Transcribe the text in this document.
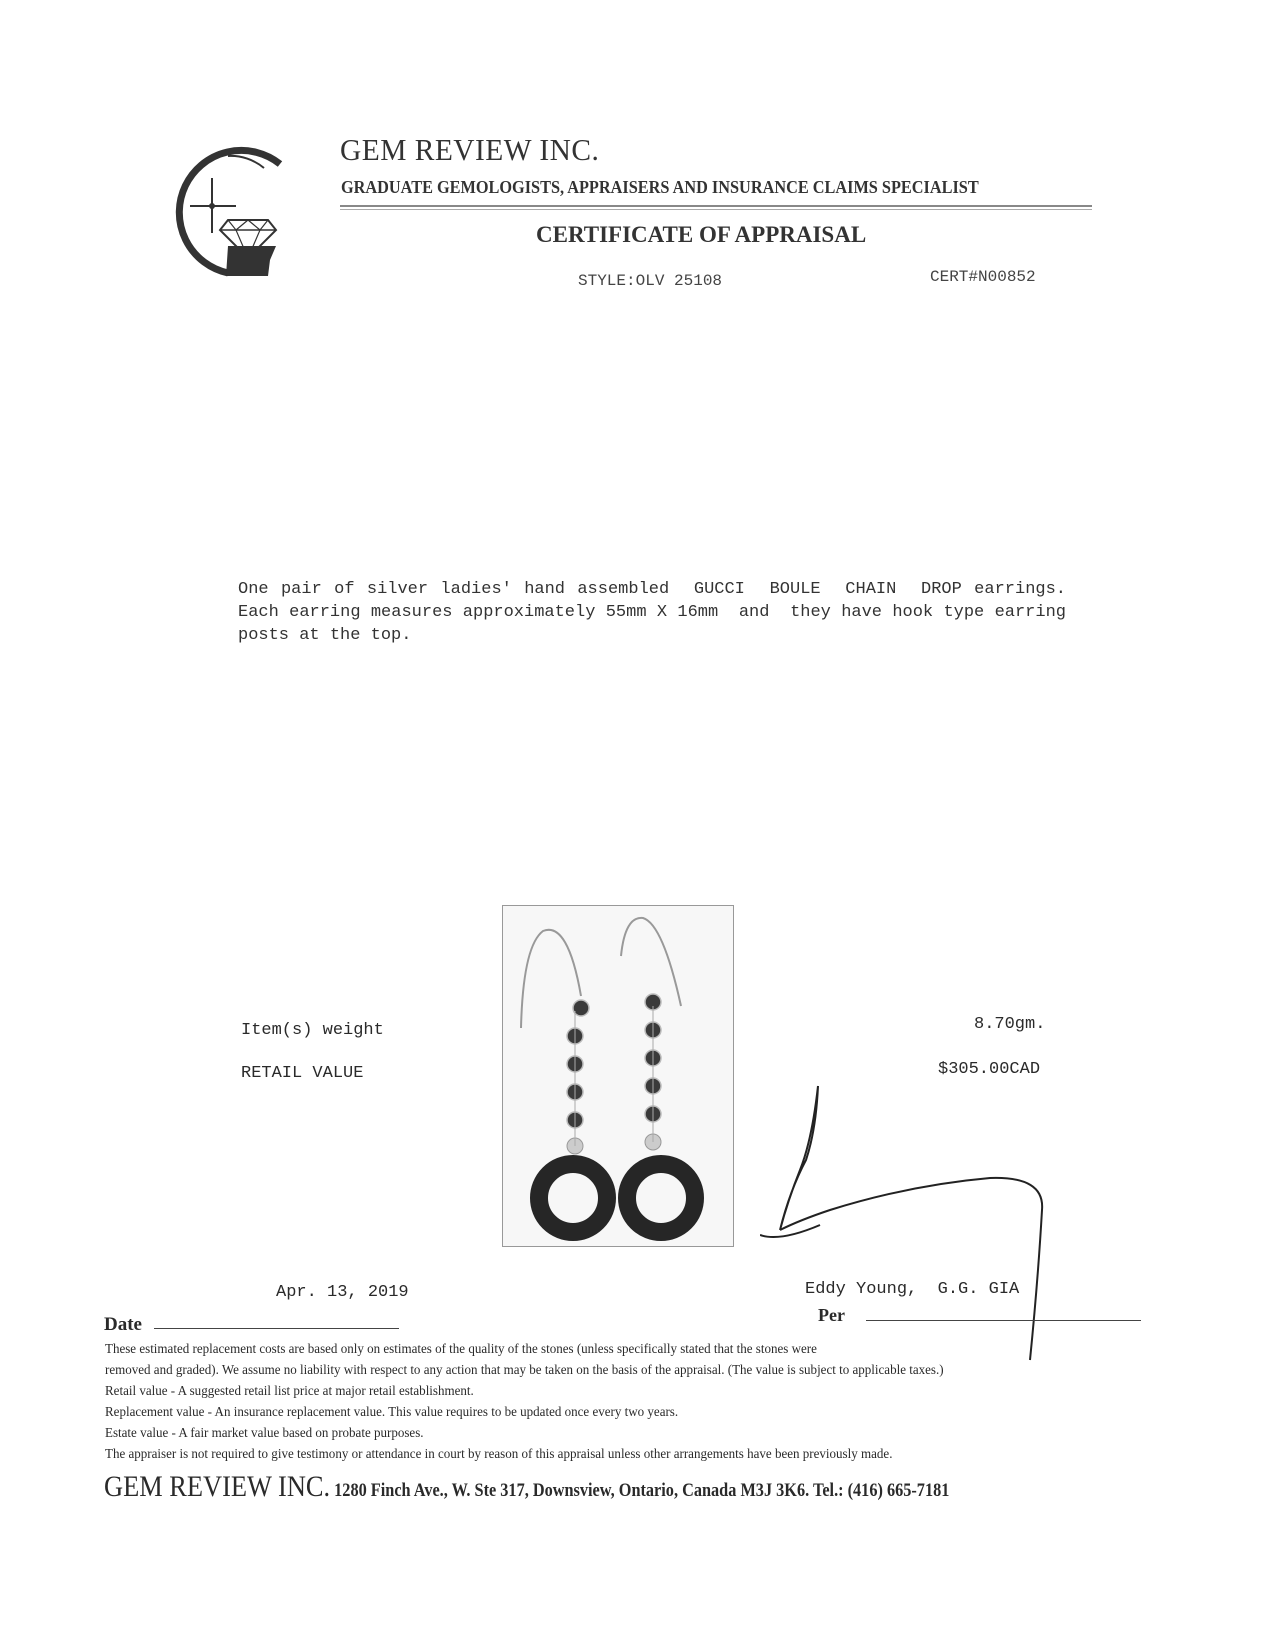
GEM REVIEW INC.
GRADUATE GEMOLOGISTS, APPRAISERS AND INSURANCE CLAIMS SPECIALIST
CERTIFICATE OF APPRAISAL
STYLE:OLV 25108	CERT#N00852
One pair of silver ladies' hand assembled  GUCCI  BOULE  CHAIN  DROP earrings. Each earring measures approximately 55mm X 16mm  and  they have hook type earring posts at the top.
Item(s) weight	8.70gm.
RETAIL VALUE	$305.00CAD
Eddy Young,  G.G. GIA
Per
Apr. 13, 2019
Date
These estimated replacement costs are based only on estimates of the quality of the stones (unless specifically stated that the stones were
removed and graded). We assume no liability with respect to any action that may be taken on the basis of the appraisal. (The value is subject to applicable taxes.)
Retail value - A suggested retail list price at major retail establishment.
Replacement value - An insurance replacement value. This value requires to be updated once every two years.
Estate value - A fair market value based on probate purposes.
The appraiser is not required to give testimony or attendance in court by reason of this appraisal unless other arrangements have been previously made.
GEM REVIEW INC. 1280 Finch Ave., W. Ste 317, Downsview, Ontario, Canada M3J 3K6. Tel.: (416) 665-7181
